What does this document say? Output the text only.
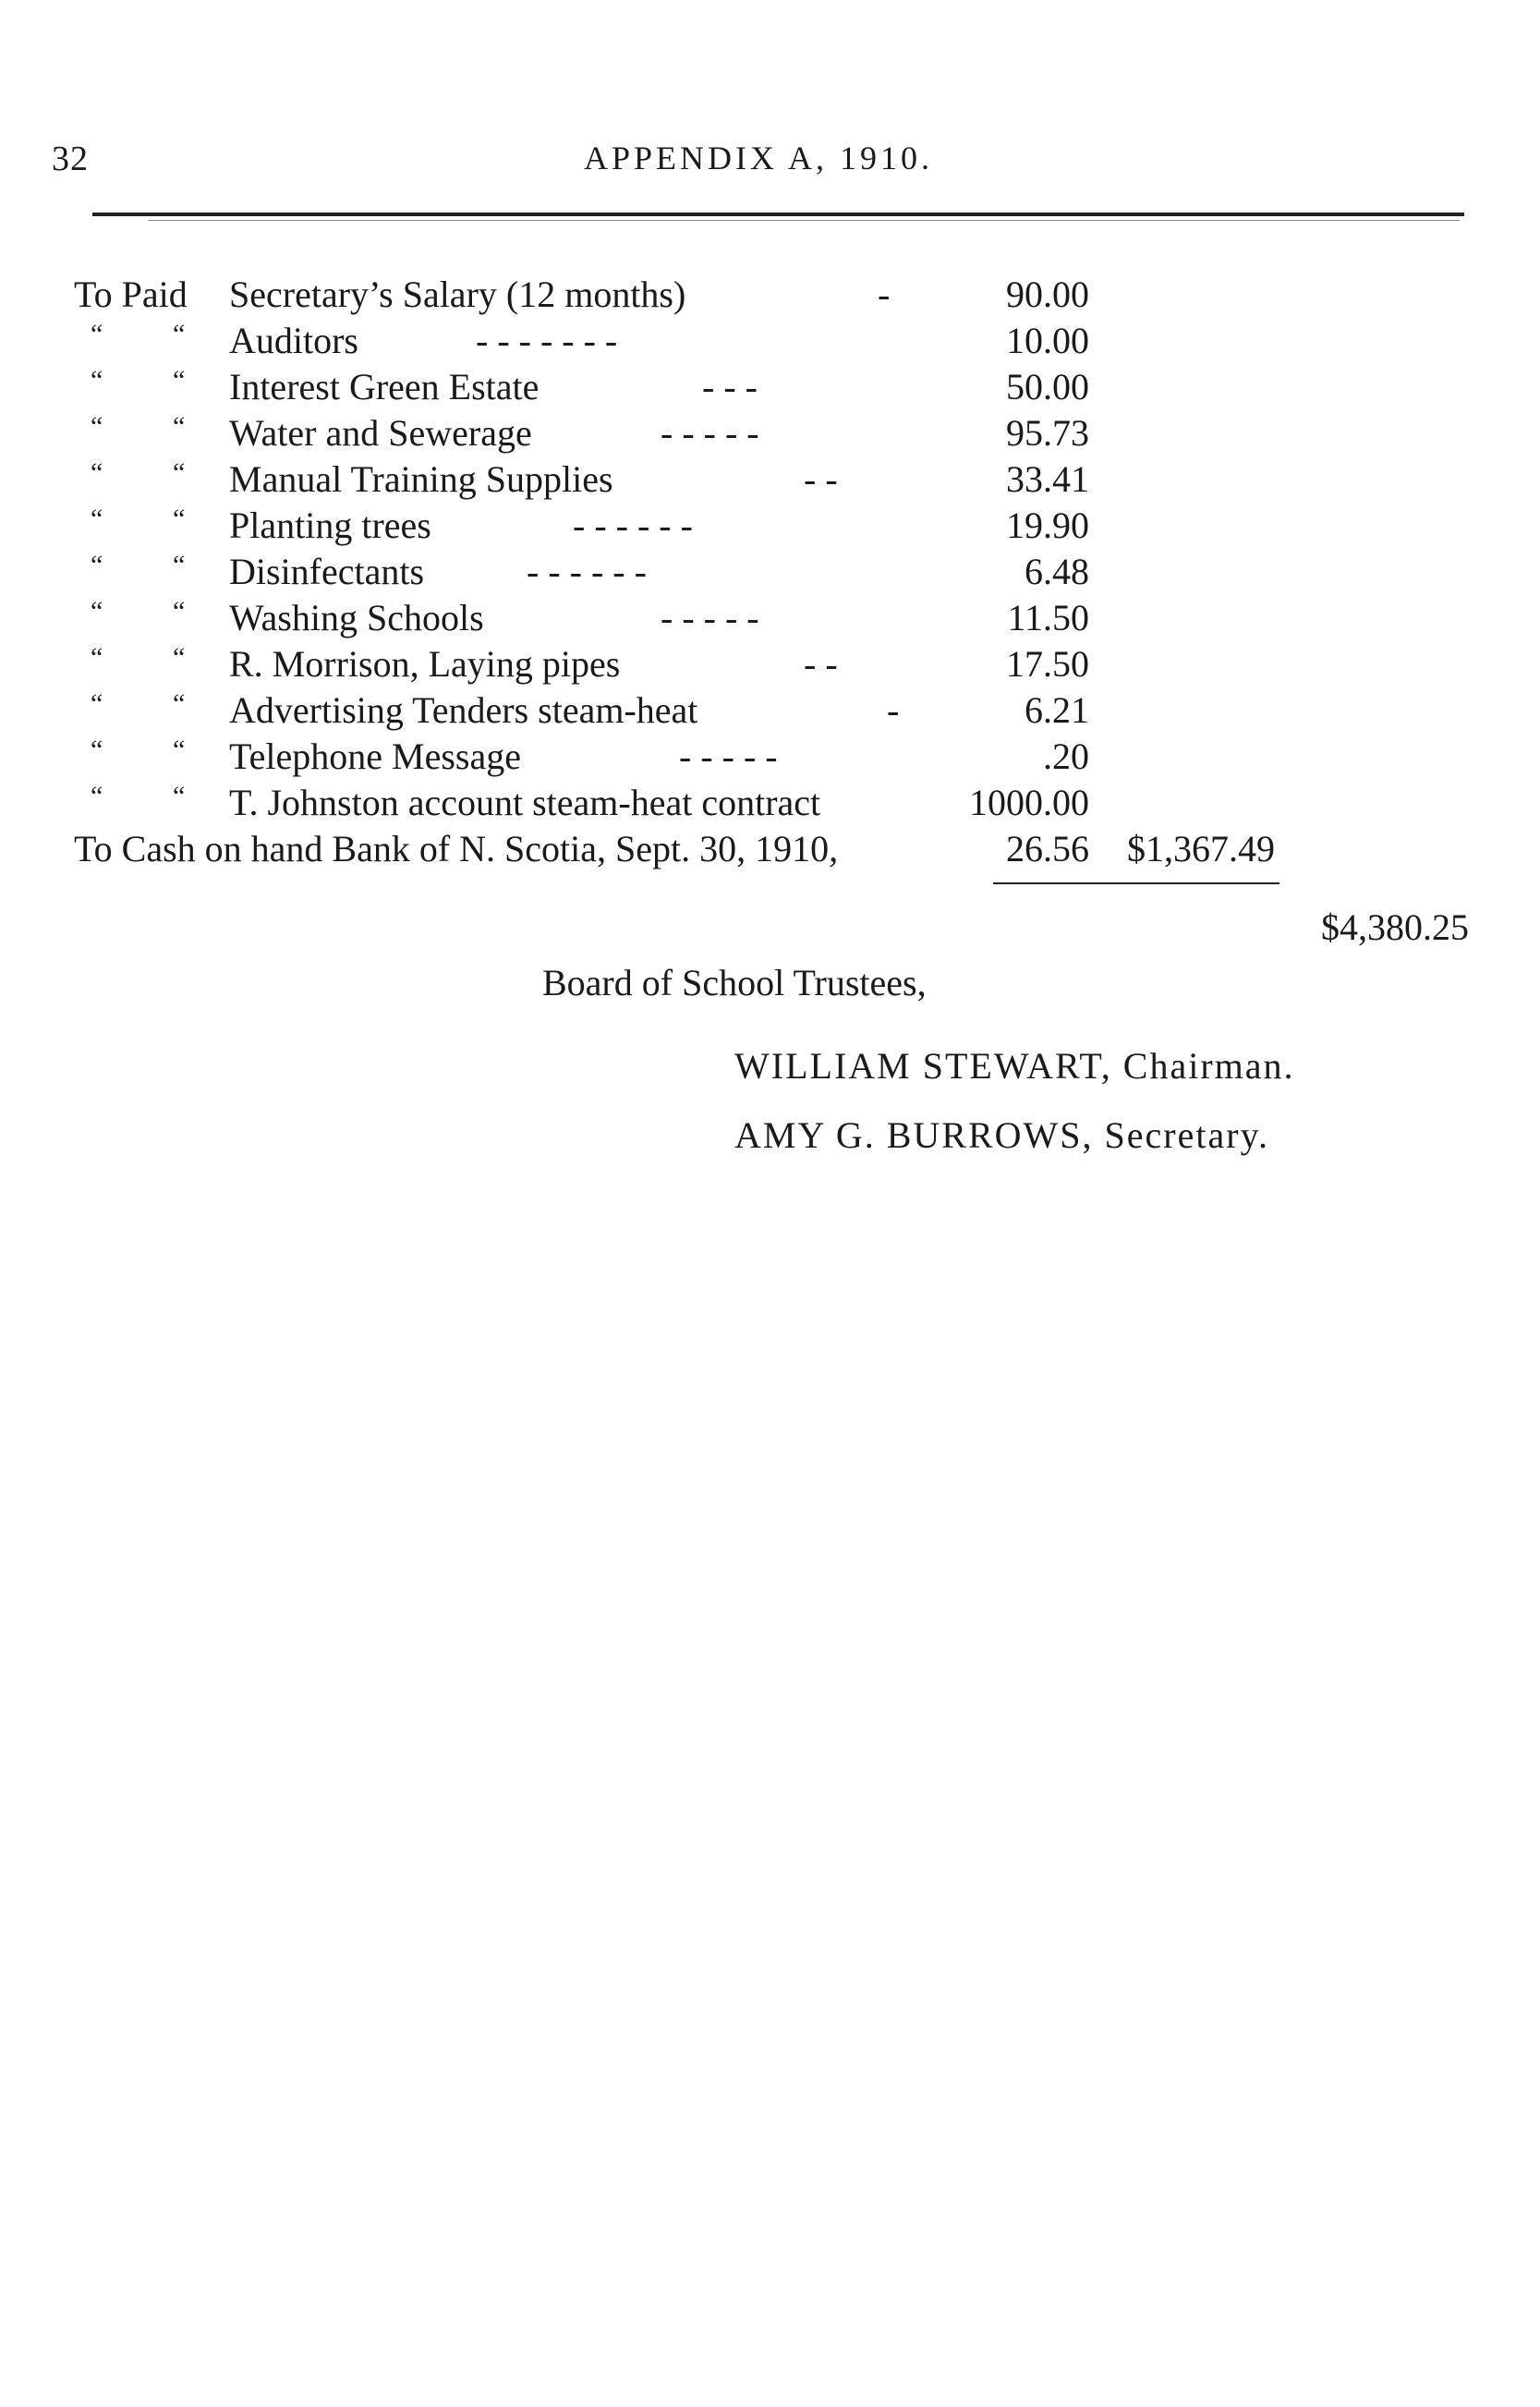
32	APPENDIX A, 1910.
To Paid Secretary’s Salary (12 months)	-	90.00
“	“ Auditors	- - - - - - -	10.00
“	“ Interest Green Estate	- - -	50.00
“	“ Water and Sewerage	- - - - -	95.73
“	“ Manual Training Supplies	- -	33.41
“	“ Planting trees	- - - - - -	19.90
“	“ Disinfectants	- - - - - -	6.48
“	“ Washing Schools	- - - - -	11.50
“	“ R. Morrison, Laying pipes	- -	17.50
“	“ Advertising Tenders steam-heat	-	6.21
“	“ Telephone Message	- - - - -	.20
“	“ T. Johnston account steam-heat contract	1000.00
To Cash on hand Bank of N. Scotia, Sept. 30, 1910,	26.56 $1,367.49
$4,380.25
Board of School Trustees,
WILLIAM STEWART, Chairman.
AMY G. BURROWS, Secretary.
